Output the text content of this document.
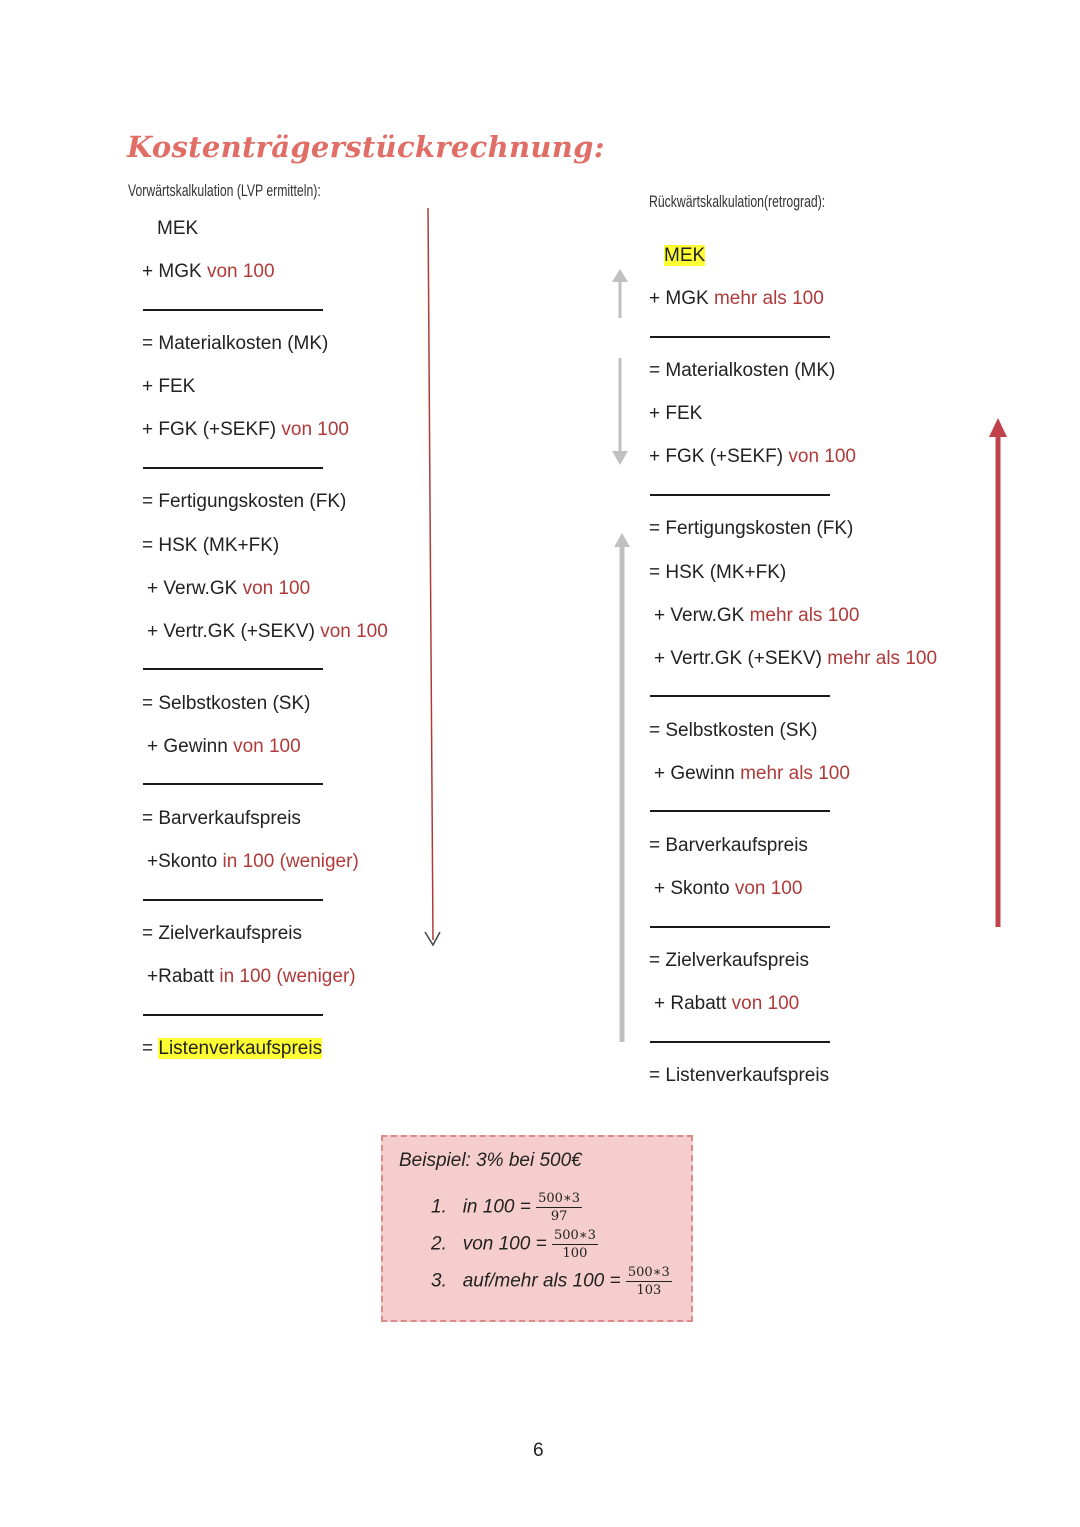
Kostenträgerstückrechnung:
Vorwärtskalkulation (LVP ermitteln):
MEK
+ MGK von 100
= Materialkosten (MK)
+ FEK
+ FGK (+SEKF) von 100
= Fertigungskosten (FK)
= HSK (MK+FK)
+ Verw.GK von 100
+ Vertr.GK (+SEKV) von 100
= Selbstkosten (SK)
+ Gewinn von 100
= Barverkaufspreis
+Skonto in 100 (weniger)
= Zielverkaufspreis
+Rabatt in 100 (weniger)
= Listenverkaufspreis
Rückwärtskalkulation(retrograd):
MEK
+ MGK mehr als 100
= Materialkosten (MK)
+ FEK
+ FGK (+SEKF) von 100
= Fertigungskosten (FK)
= HSK (MK+FK)
+ Verw.GK mehr als 100
+ Vertr.GK (+SEKV) mehr als 100
= Selbstkosten (SK)
+ Gewinn mehr als 100
= Barverkaufspreis
+ Skonto von 100
= Zielverkaufspreis
+ Rabatt von 100
= Listenverkaufspreis
Beispiel: 3% bei 500€
1. in $100 = \frac{500∗3}{97}$
2. von $100 = \frac{500∗3}{100}$
3. auf/mehr als $100 = \frac{500∗3}{103}$
6
